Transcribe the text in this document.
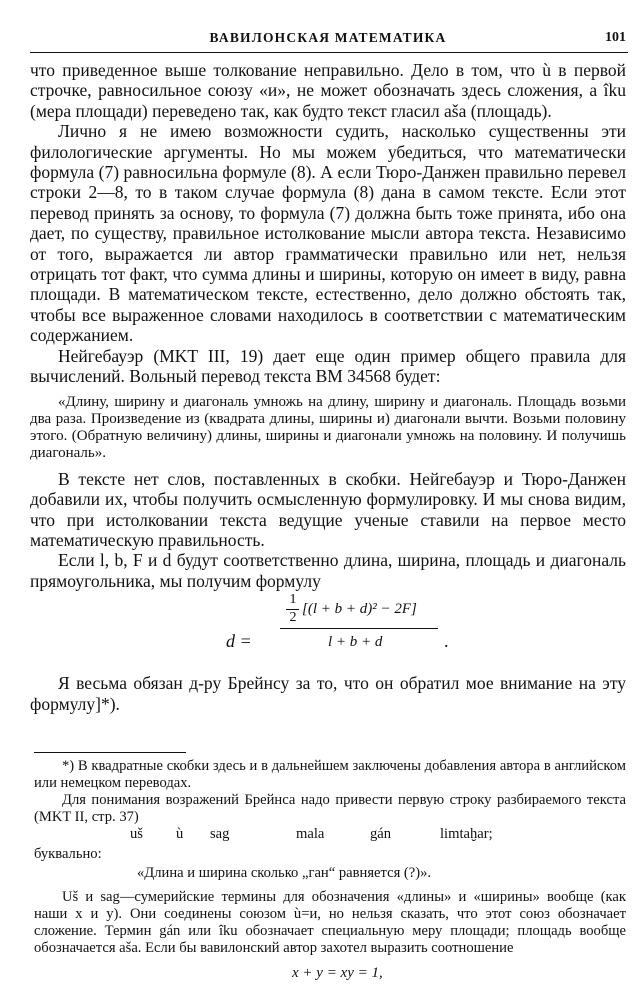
ВАВИЛОНСКАЯ МАТЕМАТИКА	101

что приведенное выше толкование неправильно. Дело в том, что ù в первой строчке, равносильное союзу «и», не может обозначать здесь сложения, а îku (мера площади) переведено так, как будто текст гласил aša (площадь).

Лично я не имею возможности судить, насколько существенны эти филологические аргументы. Но мы можем убедиться, что математически формула (7) равносильна формуле (8). А если Тюро-Данжен правильно перевел строки 2—8, то в таком случае формула (8) дана в самом тексте. Если этот перевод принять за основу, то формула (7) должна быть тоже принята, ибо она дает, по существу, правильное истолкование мысли автора текста. Независимо от того, выражается ли автор грамматически правильно или нет, нельзя отрицать тот факт, что сумма длины и ширины, которую он имеет в виду, равна площади. В математическом тексте, естественно, дело должно обстоять так, чтобы все выраженное словами находилось в соответствии с математическим содержанием.

Нейгебауэр (MKT III, 19) дает еще один пример общего правила для вычислений. Вольный перевод текста BM 34568 будет:

«Длину, ширину и диагональ умножь на длину, ширину и диагональ. Площадь возьми два раза. Произведение из (квадрата длины, ширины и) диагонали вычти. Возьми половину этого. (Обратную величину) длины, ширины и диагонали умножь на половину. И получишь диагональ».

В тексте нет слов, поставленных в скобки. Нейгебауэр и Тюро-Данжен добавили их, чтобы получить осмысленную формулировку. И мы снова видим, что при истолковании текста ведущие ученые ставили на первое место математическую правильность.

Если l, b, F и d будут соответственно длина, ширина, площадь и диагональ прямоугольника, мы получим формулу

d =
1
2
[(l + b + d)² − 2F]
l + b + d	.

Я весьма обязан д-ру Брейнсу за то, что он обратил мое внимание на эту формулу]*).

*) В квадратные скобки здесь и в дальнейшем заключены добавления автора в английском или немецком переводах.

Для понимания возражений Брейнса надо привести первую строку разбираемого текста (MKT II, стр. 37)

uš ù sag	mala	gán	limtaḫar;

буквально:

«Длина и ширина сколько „ган“ равняется (?)».

Uš и sag—сумерийские термины для обозначения «длины» и «ширины» вообще (как наши x и y). Они соединены союзом ù=и, но нельзя сказать, что этот союз обозначает сложение. Термин gán или îku обозначает специальную меру площади; площадь вообще обозначается aša. Если бы вавилонский автор захотел выразить соотношение

x + y = xy = 1,
